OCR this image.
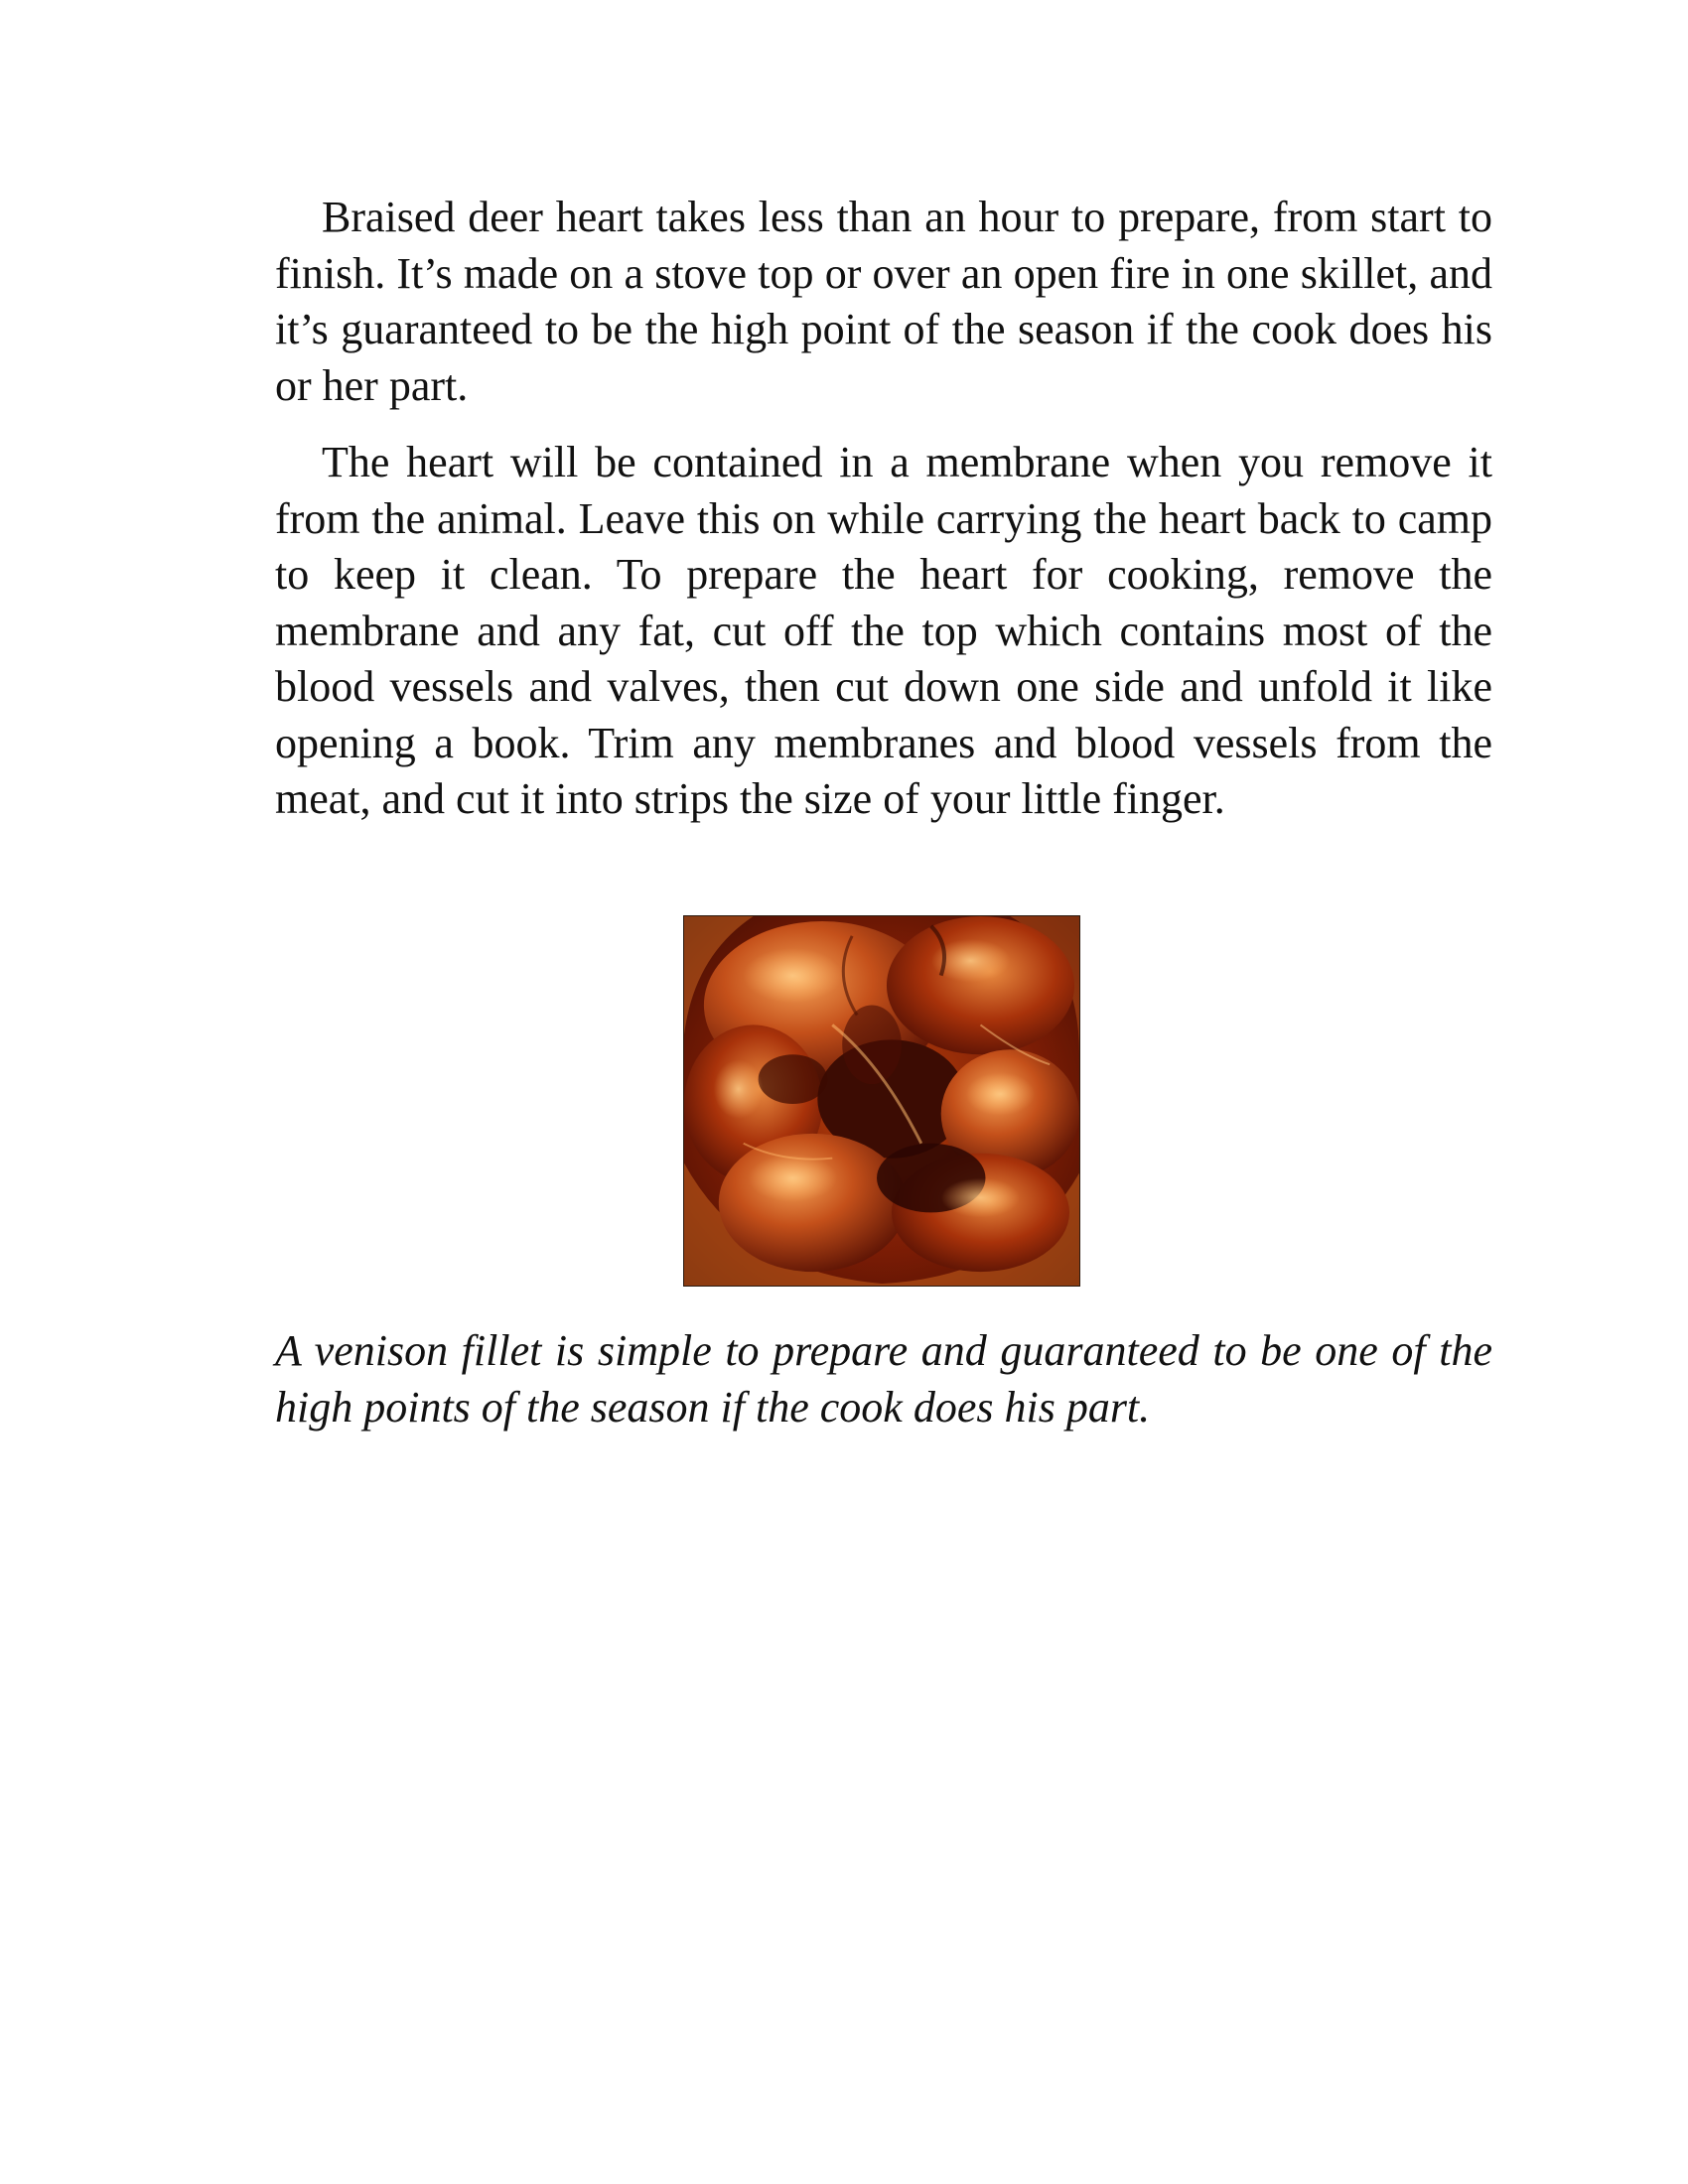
Braised deer heart takes less than an hour to prepare, from start to finish. It’s made on a stove top or over an open fire in one skillet, and it’s guaranteed to be the high point of the season if the cook does his or her part.

The heart will be contained in a membrane when you remove it from the animal. Leave this on while carrying the heart back to camp to keep it clean. To prepare the heart for cooking, remove the membrane and any fat, cut off the top which contains most of the blood vessels and valves, then cut down one side and unfold it like opening a book. Trim any membranes and blood vessels from the meat, and cut it into strips the size of your little finger.

A venison fillet is simple to prepare and guaranteed to be one of the high points of the season if the cook does his part.
